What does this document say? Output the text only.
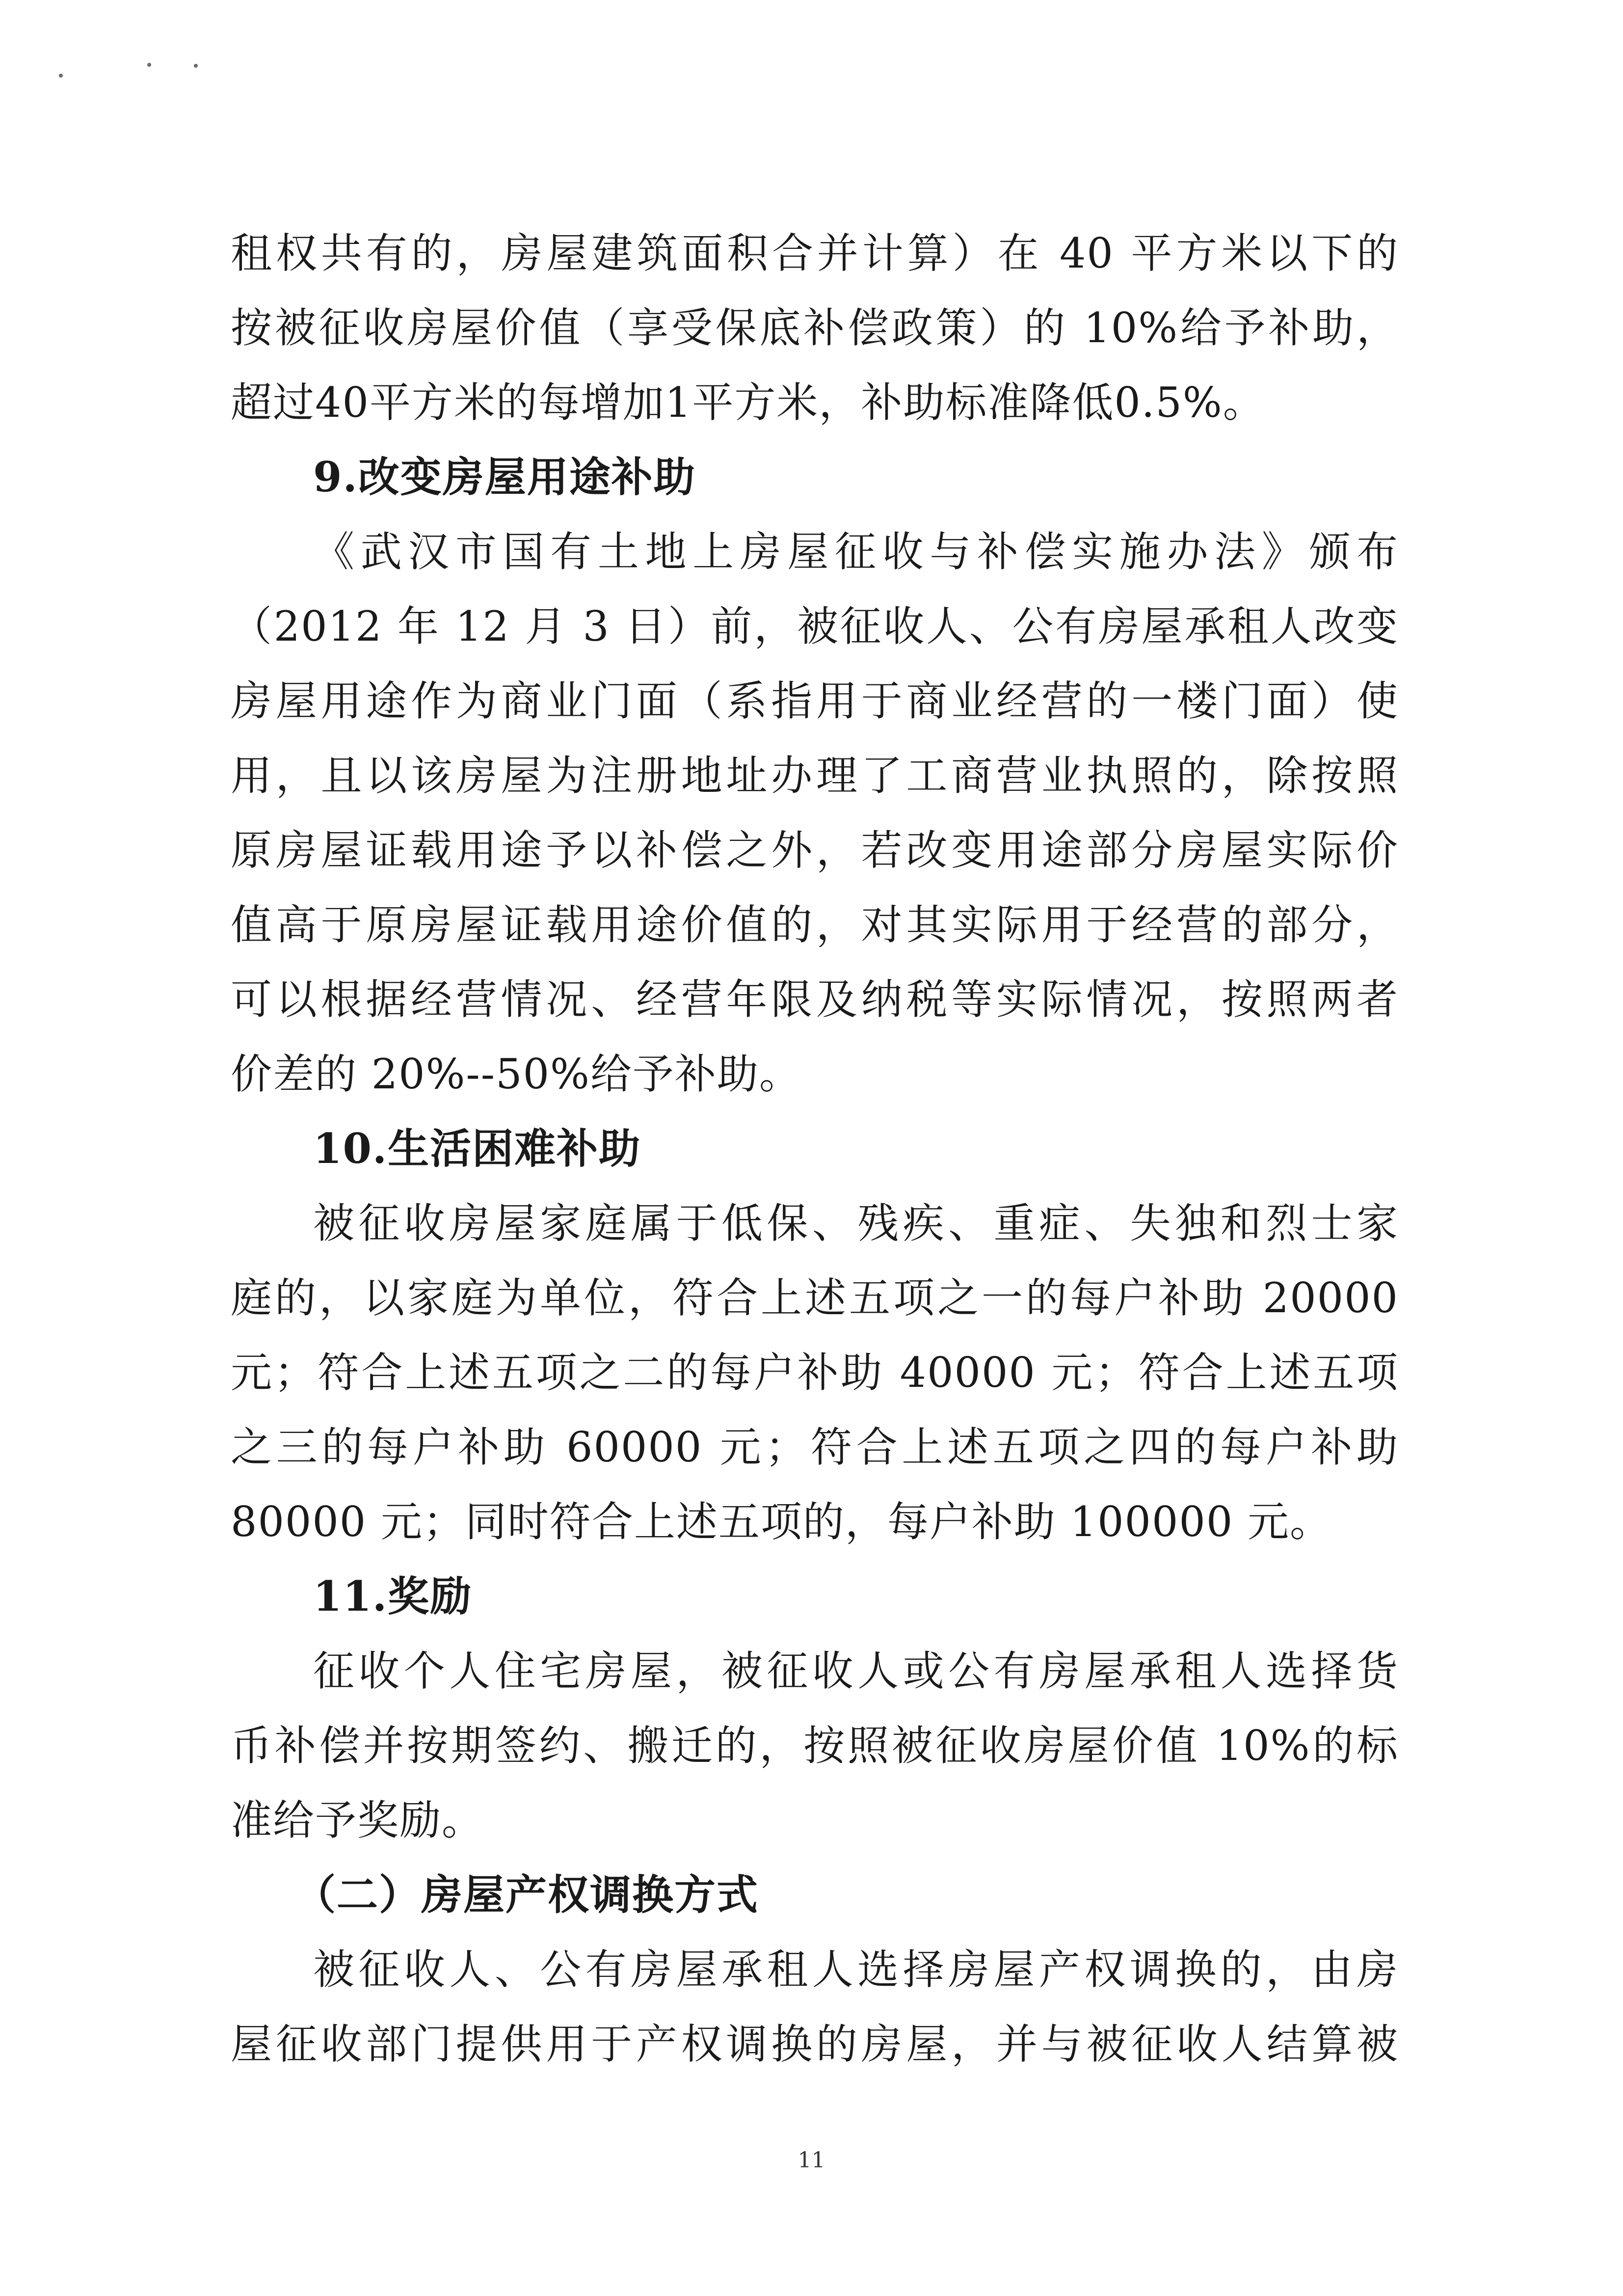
租权共有的，房屋建筑面积合并计算）在 40 平方米以下的
按被征收房屋价值（享受保底补偿政策）的 10%给予补助，
超过40平方米的每增加1平方米，补助标准降低0.5%。
9.改变房屋用途补助
《武汉市国有土地上房屋征收与补偿实施办法》颁布
（2012 年 12 月 3 日）前，被征收人、公有房屋承租人改变
房屋用途作为商业门面（系指用于商业经营的一楼门面）使
用，且以该房屋为注册地址办理了工商营业执照的，除按照
原房屋证载用途予以补偿之外，若改变用途部分房屋实际价
值高于原房屋证载用途价值的，对其实际用于经营的部分，
可以根据经营情况、经营年限及纳税等实际情况，按照两者
价差的 20%--50%给予补助。
10.生活困难补助
被征收房屋家庭属于低保、残疾、重症、失独和烈士家
庭的，以家庭为单位，符合上述五项之一的每户补助 20000
元；符合上述五项之二的每户补助 40000 元；符合上述五项
之三的每户补助 60000 元；符合上述五项之四的每户补助
80000 元；同时符合上述五项的，每户补助 100000 元。
11.奖励
征收个人住宅房屋，被征收人或公有房屋承租人选择货
币补偿并按期签约、搬迁的，按照被征收房屋价值 10%的标
准给予奖励。
（二）房屋产权调换方式
被征收人、公有房屋承租人选择房屋产权调换的，由房
屋征收部门提供用于产权调换的房屋，并与被征收人结算被
11
